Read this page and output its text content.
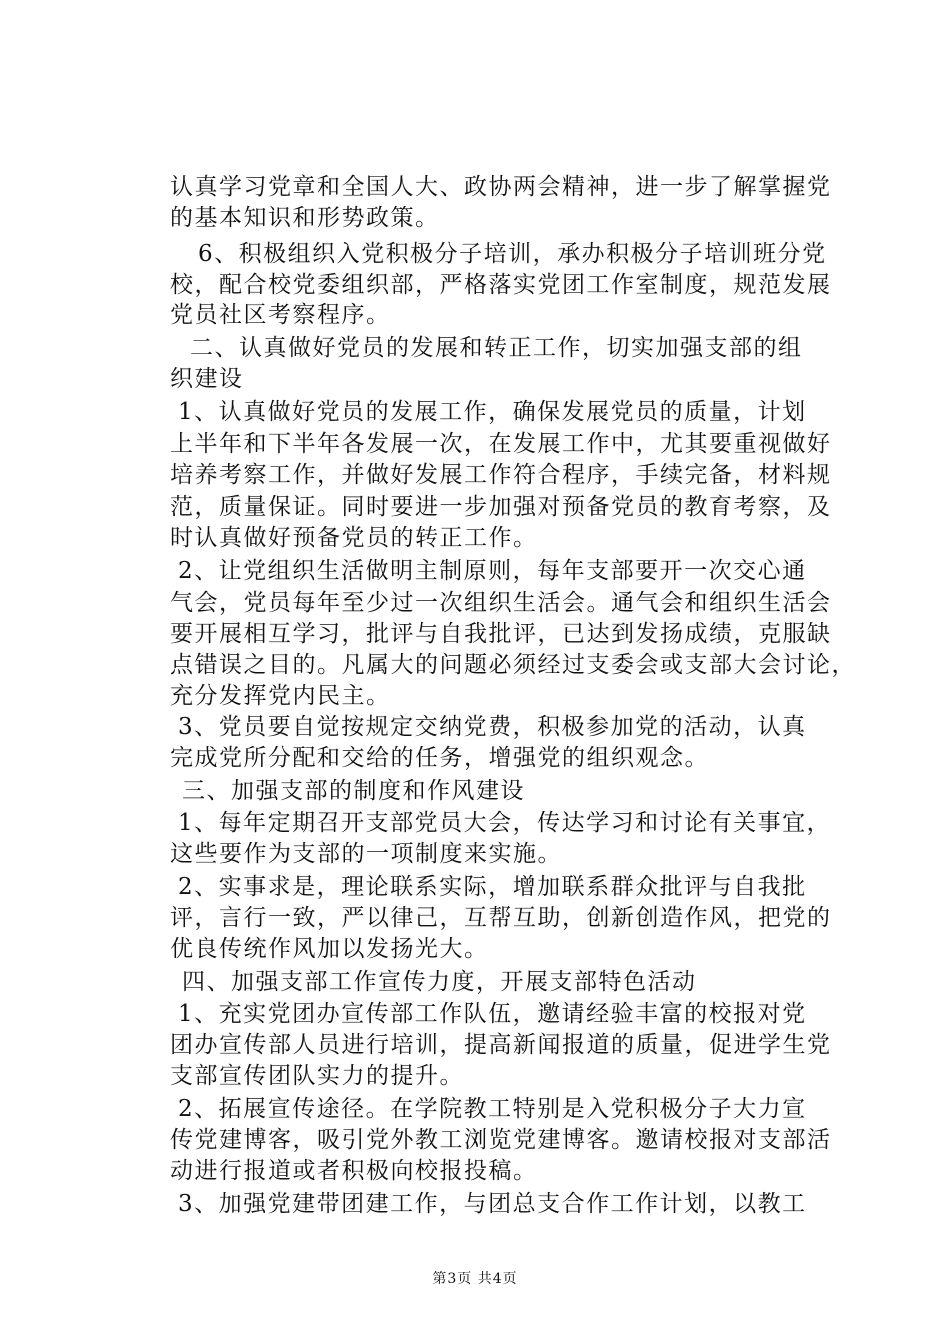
认真学习党章和全国人大、政协两会精神，进一步了解掌握党
的基本知识和形势政策。
6、积极组织入党积极分子培训，承办积极分子培训班分党
校，配合校党委组织部，严格落实党团工作室制度，规范发展
党员社区考察程序。
二、认真做好党员的发展和转正工作，切实加强支部的组
织建设
1、认真做好党员的发展工作，确保发展党员的质量，计划
上半年和下半年各发展一次，在发展工作中，尤其要重视做好
培养考察工作，并做好发展工作符合程序，手续完备，材料规
范，质量保证。同时要进一步加强对预备党员的教育考察，及
时认真做好预备党员的转正工作。
2、让党组织生活做明主制原则，每年支部要开一次交心通
气会，党员每年至少过一次组织生活会。通气会和组织生活会
要开展相互学习，批评与自我批评，已达到发扬成绩，克服缺
点错误之目的。凡属大的问题必须经过支委会或支部大会讨论，
充分发挥党内民主。
3、党员要自觉按规定交纳党费，积极参加党的活动，认真
完成党所分配和交给的任务，增强党的组织观念。
三、加强支部的制度和作风建设
1、每年定期召开支部党员大会，传达学习和讨论有关事宜，
这些要作为支部的一项制度来实施。
2、实事求是，理论联系实际，增加联系群众批评与自我批
评，言行一致，严以律己，互帮互助，创新创造作风，把党的
优良传统作风加以发扬光大。
四、加强支部工作宣传力度，开展支部特色活动
1、充实党团办宣传部工作队伍，邀请经验丰富的校报对党
团办宣传部人员进行培训，提高新闻报道的质量，促进学生党
支部宣传团队实力的提升。
2、拓展宣传途径。在学院教工特别是入党积极分子大力宣
传党建博客，吸引党外教工浏览党建博客。邀请校报对支部活
动进行报道或者积极向校报投稿。
3、加强党建带团建工作，与团总支合作工作计划，以教工
第3页 共4页
